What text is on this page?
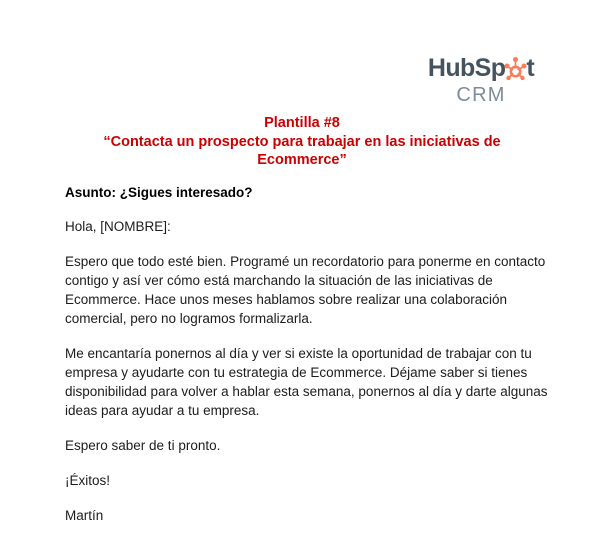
HubSp t
CRM
Plantilla #8
“Contacta un prospecto para trabajar en las iniciativas de Ecommerce”

Asunto: ¿Sigues interesado?

Hola, [NOMBRE]:

Espero que todo esté bien. Programé un recordatorio para ponerme en contacto contigo y así ver cómo está marchando la situación de las iniciativas de Ecommerce. Hace unos meses hablamos sobre realizar una colaboración comercial, pero no logramos formalizarla.

Me encantaría ponernos al día y ver si existe la oportunidad de trabajar con tu empresa y ayudarte con tu estrategia de Ecommerce. Déjame saber si tienes disponibilidad para volver a hablar esta semana, ponernos al día y darte algunas ideas para ayudar a tu empresa.

Espero saber de ti pronto.

¡Éxitos!

Martín
